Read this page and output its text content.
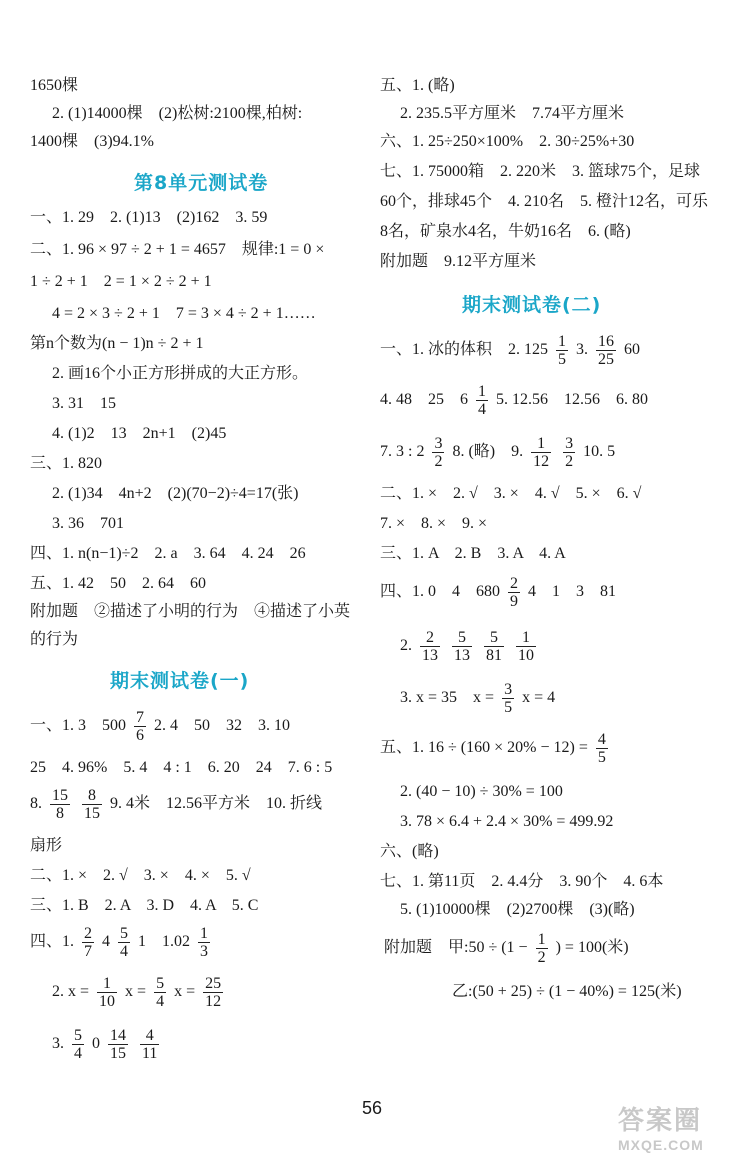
1650棵
2. (1)14000棵　(2)松树:2100棵,柏树:
1400棵　(3)94.1%
第8单元测试卷
一、1. 29　2. (1)13　(2)162　3. 59
二、1. 96 × 97 ÷ 2 + 1 = 4657　规律:1 = 0 ×
1 ÷ 2 + 1　2 = 1 × 2 ÷ 2 + 1
4 = 2 × 3 ÷ 2 + 1　7 = 3 × 4 ÷ 2 + 1……
第n个数为(n − 1)n ÷ 2 + 1
2. 画16个小正方形拼成的大正方形。
3. 31　15
4. (1)2　13　2n+1　(2)45
三、1. 820
2. (1)34　4n+2　(2)(70−2)÷4=17(张)
3. 36　701
四、1. n(n−1)÷2　2. a　3. 64　4. 24　26
五、1. 42　50　2. 64　60
附加题　②描述了小明的行为　④描述了小英
的行为
期末测试卷(一)
一、1. 3　$500 \frac{7}{6} 2$. 4　50　32　3. 10
25　4. 96%　5. 4　4 : 1　6. 20　24　7. 6 : 5
8. $\frac{15}{8}$
$\frac{8}{15} 9$. 4米　12.56平方米　10. 折线
扇形
二、1. ×　2. √　3. ×　4. ×　5. √
三、1. B　2. A　3. D　4. A　5. C
四、1. $\frac{2}{7} 4 \frac{5}{4} 1$　$1.02 \frac{1}{3}$
2. $x = \frac{1}{10}$ $x = \frac{5}{4}$ $x = \frac{25}{12}$
3. $\frac{5}{4} 0 \frac{14}{15}$
$\frac{4}{11}$
五、1. (略)
2. 235.5平方厘米　7.74平方厘米
六、1. 25÷250×100%　2. 30÷25%+30
七、1. 75000箱　2. 220米　3. 篮球75个，足球
60个，排球45个　4. 210名　5. 橙汁12名，可乐
8名，矿泉水4名，牛奶16名　6. (略)
附加题　9.12平方厘米
期末测试卷(二)
一、1. 冰的体积　2. $125 \frac{1}{5} 3$. $\frac{16}{25} 60$
4. 48　25　$6 \frac{1}{4} 5$. 12.56　12.56　6. 80
7. 3 : $2 \frac{3}{2} 8$. (略)　9. $\frac{1}{12}$
$\frac{3}{2} 10$. 5
二、1. ×　2. √　3. ×　4. √　5. ×　6. √
7. ×　8. ×　9. ×
三、1. A　2. B　3. A　4. A
四、1. 0　4　$680 \frac{2}{9} 4$　1　3　81
2. $\frac{2}{13}$
$\frac{5}{13}$
$\frac{5}{81}$
$\frac{1}{10}$
3. x = 35　$x = \frac{3}{5}$ x = 4
五、1. $16 \div (160 \times 20\% - 12) = \frac{4}{5}$
2. (40 − 10) ÷ 30% = 100
3. 78 × 6.4 + 2.4 × 30% = 499.92
六、(略)
七、1. 第11页　2. 4.4分　3. 90个　4. 6本
5. (1)10000棵　(2)2700棵　(3)(略)
附加题　甲:50 ÷ ($1 - \frac{1}{2}$ ) = 100(米)
乙:(50 + 25) ÷ (1 − 40%) = 125(米)
56	答案圈
MXQE.COM
